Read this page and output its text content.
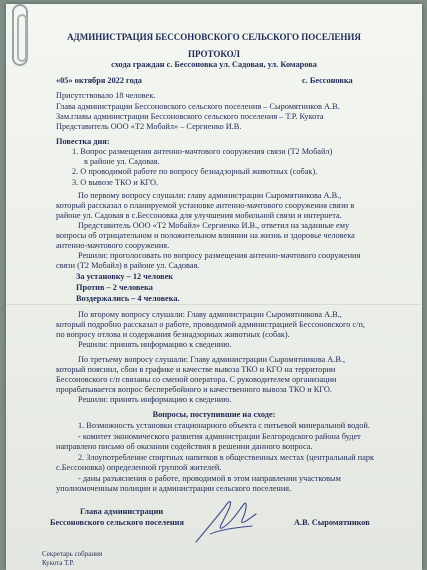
АДМИНИСТРАЦИЯ БЕССОНОВСКОГО СЕЛЬСКОГО ПОСЕЛЕНИЯ
ПРОТОКОЛ
схода граждан с. Бессоновка ул. Садовая, ул. Комарова
«05» октября 2022 года	с. Бессоновка
Присутствовало 18 человек.
Глава администрации Бессоновского сельского поселения – Сыромятников А.В.
Зам.главы администрации Бессоновского сельского поселения – Т.Р. Кукота
Представитель ООО «Т2 Мобайл» – Сергиенко И.В.
Повестка дня:
1. Вопрос размещения антенно-мачтового сооружения связи (Т2 Мобайл)
в районе ул. Садовая.
2. О проводимой работе по вопросу безнадзорный животных (собак).
3. О вывозе ТКО и КГО.
По первому вопросу слушали: главу администрации Сыромятникова А.В.,
который рассказал о планируемой установке антенно-мачтового сооружения связи в
районе ул. Садовая в с.Бессоновка для улучшения мобильной связи и интернета.
Представитель ООО «Т2 Мобайл» Сергиенко И.В., ответил на заданные ему
вопросы об отрицательном и положительном влиянии на жизнь и здоровье человека
антенно-мачтового сооружения.
Решили: проголосовать по вопросу размещения антенно-мачтового сооружения
связи (Т2 Мобайл) в районе ул. Садовая.
За установку – 12 человек
Против – 2 человека
Воздержались – 4 человека.
По второму вопросу слушали: Главу администрации Сыромятникова А.В.,
который подробно рассказал о работе, проводимой администрацией Бессоновского с/п,
по вопросу отлова и содержания безнадзорных животных (собак).
Решили: принять информацию к сведению.
По третьему вопросу слушали: Главу администрации Сыромятникова А.В.,
который пояснил, сбои в графике и качестве вывоза ТКО и КГО на территории
Бессоновского с/п связаны со сменой оператора. С руководителем организации
прорабатывается вопрос бесперебойного и качественного вывоза ТКО и КГО.
Решили: принять информацию к сведению.
Вопросы, поступившие на сходе:
1. Возможность установки стационарного объекта с питьевой минеральной водой.
- комитет экономического развития администрации Белгородского района будет
направлено письмо об оказании содействия в решении данного вопроса.
2. Злоупотребление спиртных напитков в общественных местах (центральный парк
с.Бессоновка) определенной группой жителей.
- даны разъяснения о работе, проводимой в этом направлении участковым
уполномоченным полиции и администрации сельского поселения.
Глава администрации
Бессоновского сельского поселения	А.В. Сыромятников
Секретарь собрания
Кукота Т.Р.
